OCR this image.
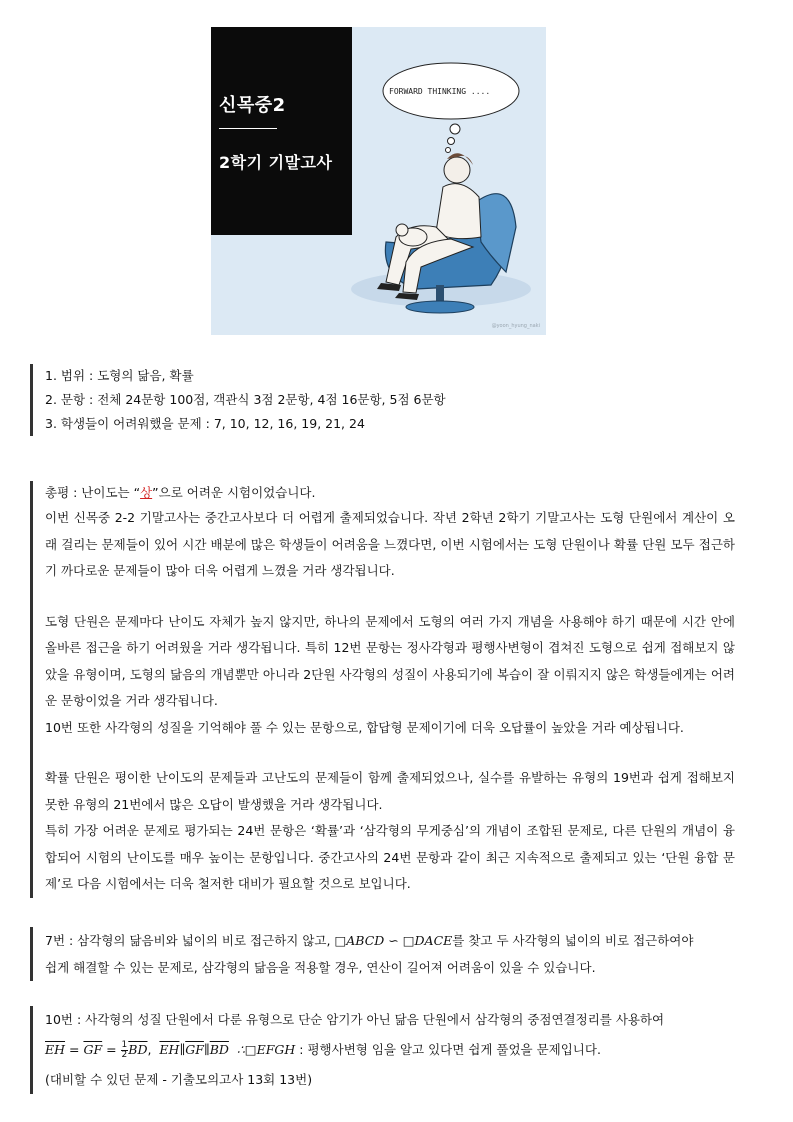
FORWARD THINKING ....
신목중2
2학기 기말고사
@yoon_hyung_naki
1. 범위 : 도형의 닮음, 확률
2. 문항 : 전체 24문항 100점, 객관식 3점 2문항, 4점 16문항, 5점 6문항
3. 학생들이 어려워했을 문제 : 7, 10, 12, 16, 19, 21, 24
총평 : 난이도는 “상”으로 어려운 시험이었습니다.
이번 신목중 2-2 기말고사는 중간고사보다 더 어렵게 출제되었습니다. 작년 2학년 2학기 기말고사는 도형 단원에서 계산이 오래 걸리는 문제들이 있어 시간 배분에 많은 학생들이 어려움을 느꼈다면, 이번 시험에서는 도형 단원이나 확률 단원 모두 접근하기 까다로운 문제들이 많아 더욱 어렵게 느꼈을 거라 생각됩니다.
도형 단원은 문제마다 난이도 자체가 높지 않지만, 하나의 문제에서 도형의 여러 가지 개념을 사용해야 하기 때문에 시간 안에 올바른 접근을 하기 어려웠을 거라 생각됩니다. 특히 12번 문항는 정사각형과 평행사변형이 겹쳐진 도형으로 쉽게 접해보지 않았을 유형이며, 도형의 닮음의 개념뿐만 아니라 2단원 사각형의 성질이 사용되기에 복습이 잘 이뤄지지 않은 학생들에게는 어려운 문항이었을 거라 생각됩니다.
10번 또한 사각형의 성질을 기억해야 풀 수 있는 문항으로, 합답형 문제이기에 더욱 오답률이 높았을 거라 예상됩니다.
확률 단원은 평이한 난이도의 문제들과 고난도의 문제들이 함께 출제되었으나, 실수를 유발하는 유형의 19번과 쉽게 접해보지 못한 유형의 21번에서 많은 오답이 발생했을 거라 생각됩니다.
특히 가장 어려운 문제로 평가되는 24번 문항은 ‘확률’과 ‘삼각형의 무게중심’의 개념이 조합된 문제로, 다른 단원의 개념이 융합되어 시험의 난이도를 매우 높이는 문항입니다. 중간고사의 24번 문항과 같이 최근 지속적으로 출제되고 있는 ‘단원 융합 문제’로 다음 시험에서는 더욱 철저한 대비가 필요할 것으로 보입니다.
7번 : 삼각형의 닮음비와 넓이의 비로 접근하지 않고, □ABCD ∽ □DACE를 찾고 두 사각형의 넓이의 비로 접근하여야
쉽게 해결할 수 있는 문제로, 삼각형의 닮음을 적용할 경우, 연산이 길어져 어려움이 있을 수 있습니다.
10번 : 사각형의 성질 단원에서 다룬 유형으로 단순 암기가 아닌 닮음 단원에서 삼각형의 중점연결정리를 사용하여
$\overline{EH} = \overline{GF} = \frac{1}{2} \overline{BD}$,  $\overline{EH}\parallel\overline{GF}\parallel\overline{BD}$ ∴□EFGH : 평행사변형 임을 알고 있다면 쉽게 풀었을 문제입니다.
(대비할 수 있던 문제 - 기출모의고사 13회 13번)
